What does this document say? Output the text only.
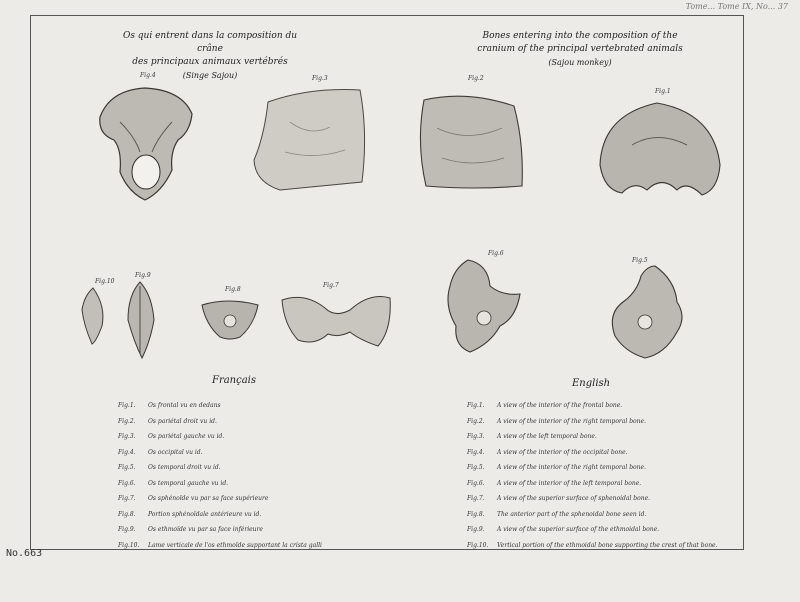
Tome... Tome IX, No... 37
Os qui entrent dans la composition du crâne
des principaux animaux vertébrés
(Singe Sajou)
Bones entering into the composition of the
cranium of the principal vertebrated animals
(Sajou monkey)
Fig.4	Fig.3	Fig.2
Fig.1
Fig.10
Fig.9
Fig.8
Fig.7
Fig.6
Fig.5
Français	English
Fig.1. Os frontal vu en dedans
Fig.2. Os pariétal droit vu id.
Fig.3. Os pariétal gauche vu id.
Fig.4. Os occipital vu id.
Fig.5. Os temporal droit vu id.
Fig.6. Os temporal gauche vu id.
Fig.7. Os sphénoïde vu par sa face supérieure
Fig.8. Portion sphénoïdale antérieure vu id.
Fig.9. Os ethmoïde vu par sa face inférieure
Fig.10. Lame verticale de l'os ethmoïde supportant la crista galli
Fig.1. A view of the interior of the frontal bone.
Fig.2. A view of the interior of the right temporal bone.
Fig.3. A view of the left temporal bone.
Fig.4. A view of the interior of the occipital bone.
Fig.5. A view of the interior of the right temporal bone.
Fig.6. A view of the interior of the left temporal bone.
Fig.7. A view of the superior surface of sphenoidal bone.
Fig.8. The anterior part of the sphenoidal bone seen id.
Fig.9. A view of the superior surface of the ethmoidal bone.
Fig.10. Vertical portion of the ethmoidal bone supporting the crest of that bone.
No.663
